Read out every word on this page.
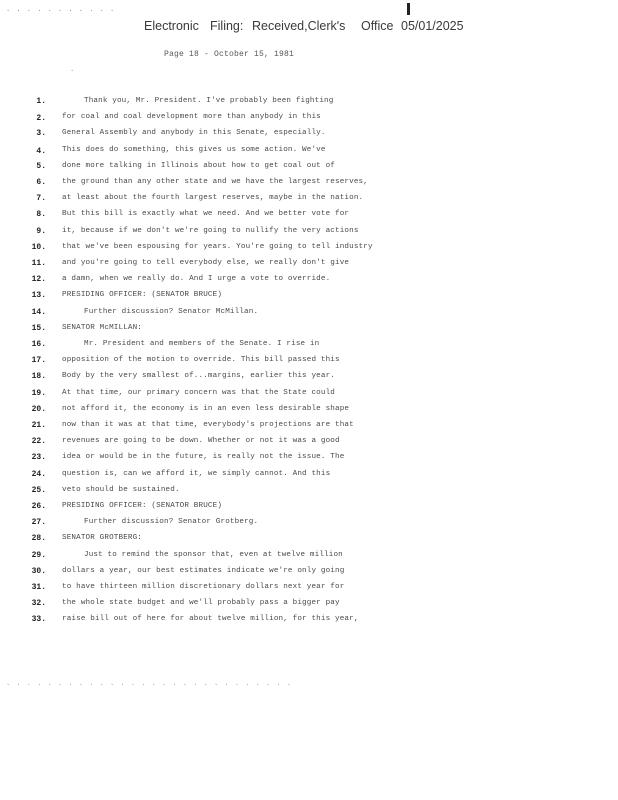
. . . . . . . . . . .
Electronic Filing: Received,Clerk's Office 05/01/2025
Page 18 - October 15, 1981
.
1.	Thank you, Mr. President. I've probably been fighting
2. for coal and coal development more than anybody in this
3. General Assembly and anybody in this Senate, especially.
4. This does do something, this gives us some action. We've
5. done more talking in Illinois about how to get coal out of
6. the ground than any other state and we have the largest reserves,
7. at least about the fourth largest reserves, maybe in the nation.
8. But this bill is exactly what we need. And we better vote for
9. it, because if we don't we're going to nullify the very actions
10. that we've been espousing for years. You're going to tell industry
11. and you're going to tell everybody else, we really don't give
12. a damn, when we really do. And I urge a vote to override.
13. PRESIDING OFFICER: (SENATOR BRUCE)
14.	Further discussion? Senator McMillan.
15. SENATOR McMILLAN:
16.	Mr. President and members of the Senate. I rise in
17. opposition of the motion to override. This bill passed this
18. Body by the very smallest of...margins, earlier this year.
19. At that time, our primary concern was that the State could
20. not afford it, the economy is in an even less desirable shape
21. now than it was at that time, everybody's projections are that
22. revenues are going to be down. Whether or not it was a good
23. idea or would be in the future, is really not the issue. The
24. question is, can we afford it, we simply cannot. And this
25. veto should be sustained.
26. PRESIDING OFFICER: (SENATOR BRUCE)
27.	Further discussion? Senator Grotberg.
28. SENATOR GROTBERG:
29.	Just to remind the sponsor that, even at twelve million
30. dollars a year, our best estimates indicate we're only going
31. to have thirteen million discretionary dollars next year for
32. the whole state budget and we'll probably pass a bigger pay
33. raise bill out of here for about twelve million, for this year,
. . . . . . . . . . . . . . . . . . . . . . . . . . . .
